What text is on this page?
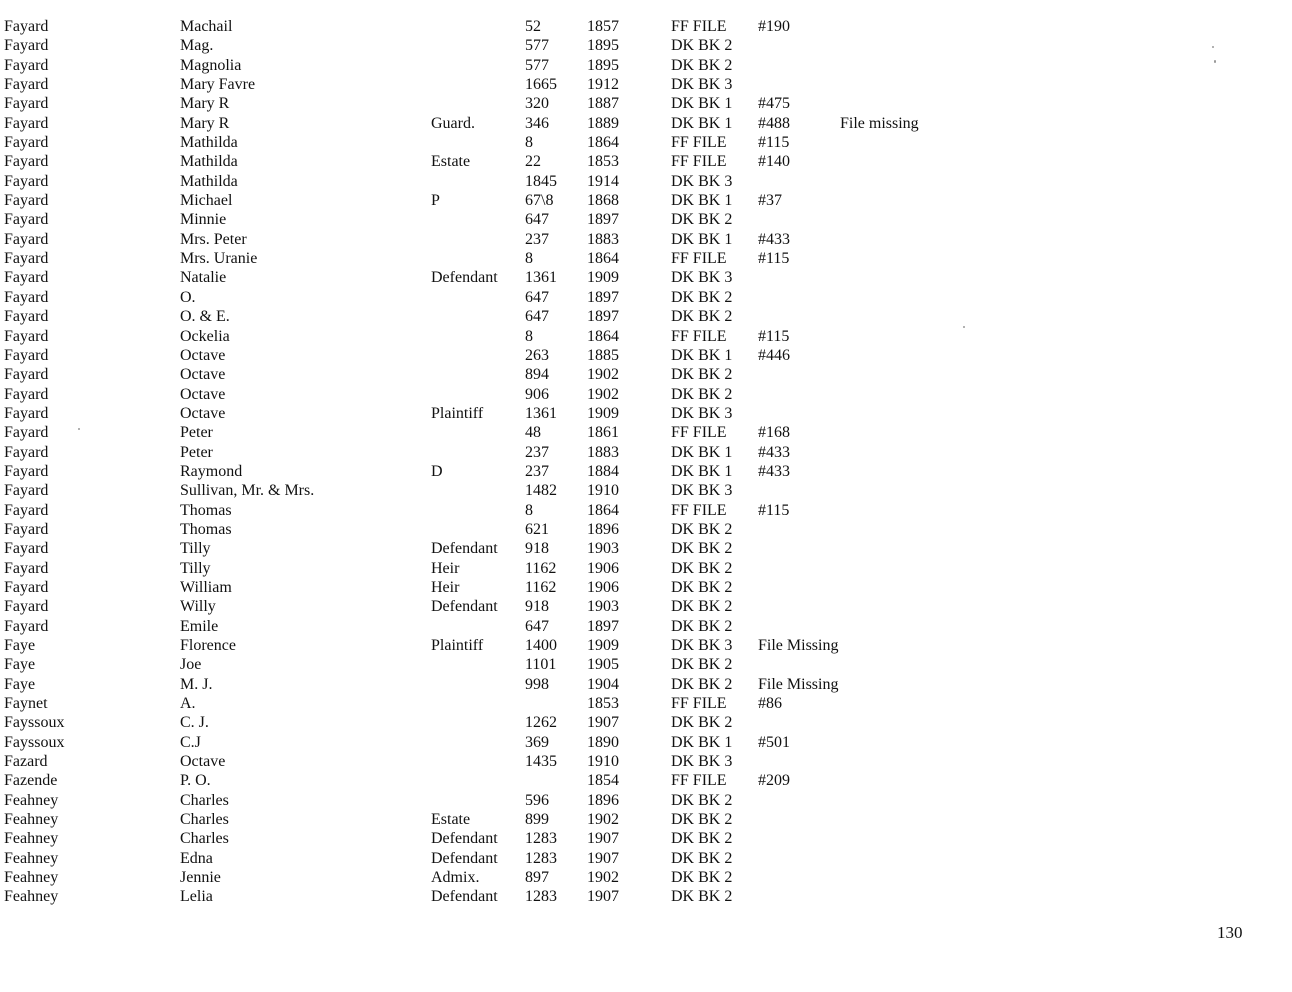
Fayard	Machail		52	1857	FF FILE	#190	
Fayard	Mag.		577	1895	DK BK 2		
Fayard	Magnolia		577	1895	DK BK 2		
Fayard	Mary Favre		1665	1912	DK BK 3		
Fayard	Mary R		320	1887	DK BK 1	#475	
Fayard	Mary R	Guard.	346	1889	DK BK 1	#488	File missing
Fayard	Mathilda		8	1864	FF FILE	#115	
Fayard	Mathilda	Estate	22	1853	FF FILE	#140	
Fayard	Mathilda		1845	1914	DK BK 3		
Fayard	Michael	P	67\8	1868	DK BK 1	#37	
Fayard	Minnie		647	1897	DK BK 2		
Fayard	Mrs. Peter		237	1883	DK BK 1	#433	
Fayard	Mrs. Uranie		8	1864	FF FILE	#115	
Fayard	Natalie	Defendant	1361	1909	DK BK 3		
Fayard	O.		647	1897	DK BK 2		
Fayard	O. & E.		647	1897	DK BK 2		
Fayard	Ockelia		8	1864	FF FILE	#115	
Fayard	Octave		263	1885	DK BK 1	#446	
Fayard	Octave		894	1902	DK BK 2		
Fayard	Octave		906	1902	DK BK 2		
Fayard	Octave	Plaintiff	1361	1909	DK BK 3		
Fayard	Peter		48	1861	FF FILE	#168	
Fayard	Peter		237	1883	DK BK 1	#433	
Fayard	Raymond	D	237	1884	DK BK 1	#433	
Fayard	Sullivan, Mr. & Mrs.		1482	1910	DK BK 3		
Fayard	Thomas		8	1864	FF FILE	#115	
Fayard	Thomas		621	1896	DK BK 2		
Fayard	Tilly	Defendant	918	1903	DK BK 2		
Fayard	Tilly	Heir	1162	1906	DK BK 2		
Fayard	William	Heir	1162	1906	DK BK 2		
Fayard	Willy	Defendant	918	1903	DK BK 2		
Fayard	Emile		647	1897	DK BK 2		
Faye	Florence	Plaintiff	1400	1909	DK BK 3	File Missing	
Faye	Joe		1101	1905	DK BK 2		
Faye	M. J.		998	1904	DK BK 2	File Missing	
Faynet	A.			1853	FF FILE	#86	
Fayssoux	C. J.		1262	1907	DK BK 2		
Fayssoux	C.J		369	1890	DK BK 1	#501	
Fazard	Octave		1435	1910	DK BK 3		
Fazende	P. O.			1854	FF FILE	#209	
Feahney	Charles		596	1896	DK BK 2		
Feahney	Charles	Estate	899	1902	DK BK 2		
Feahney	Charles	Defendant	1283	1907	DK BK 2		
Feahney	Edna	Defendant	1283	1907	DK BK 2		
Feahney	Jennie	Admix.	897	1902	DK BK 2		
Feahney	Lelia	Defendant	1283	1907	DK BK 2		
130
